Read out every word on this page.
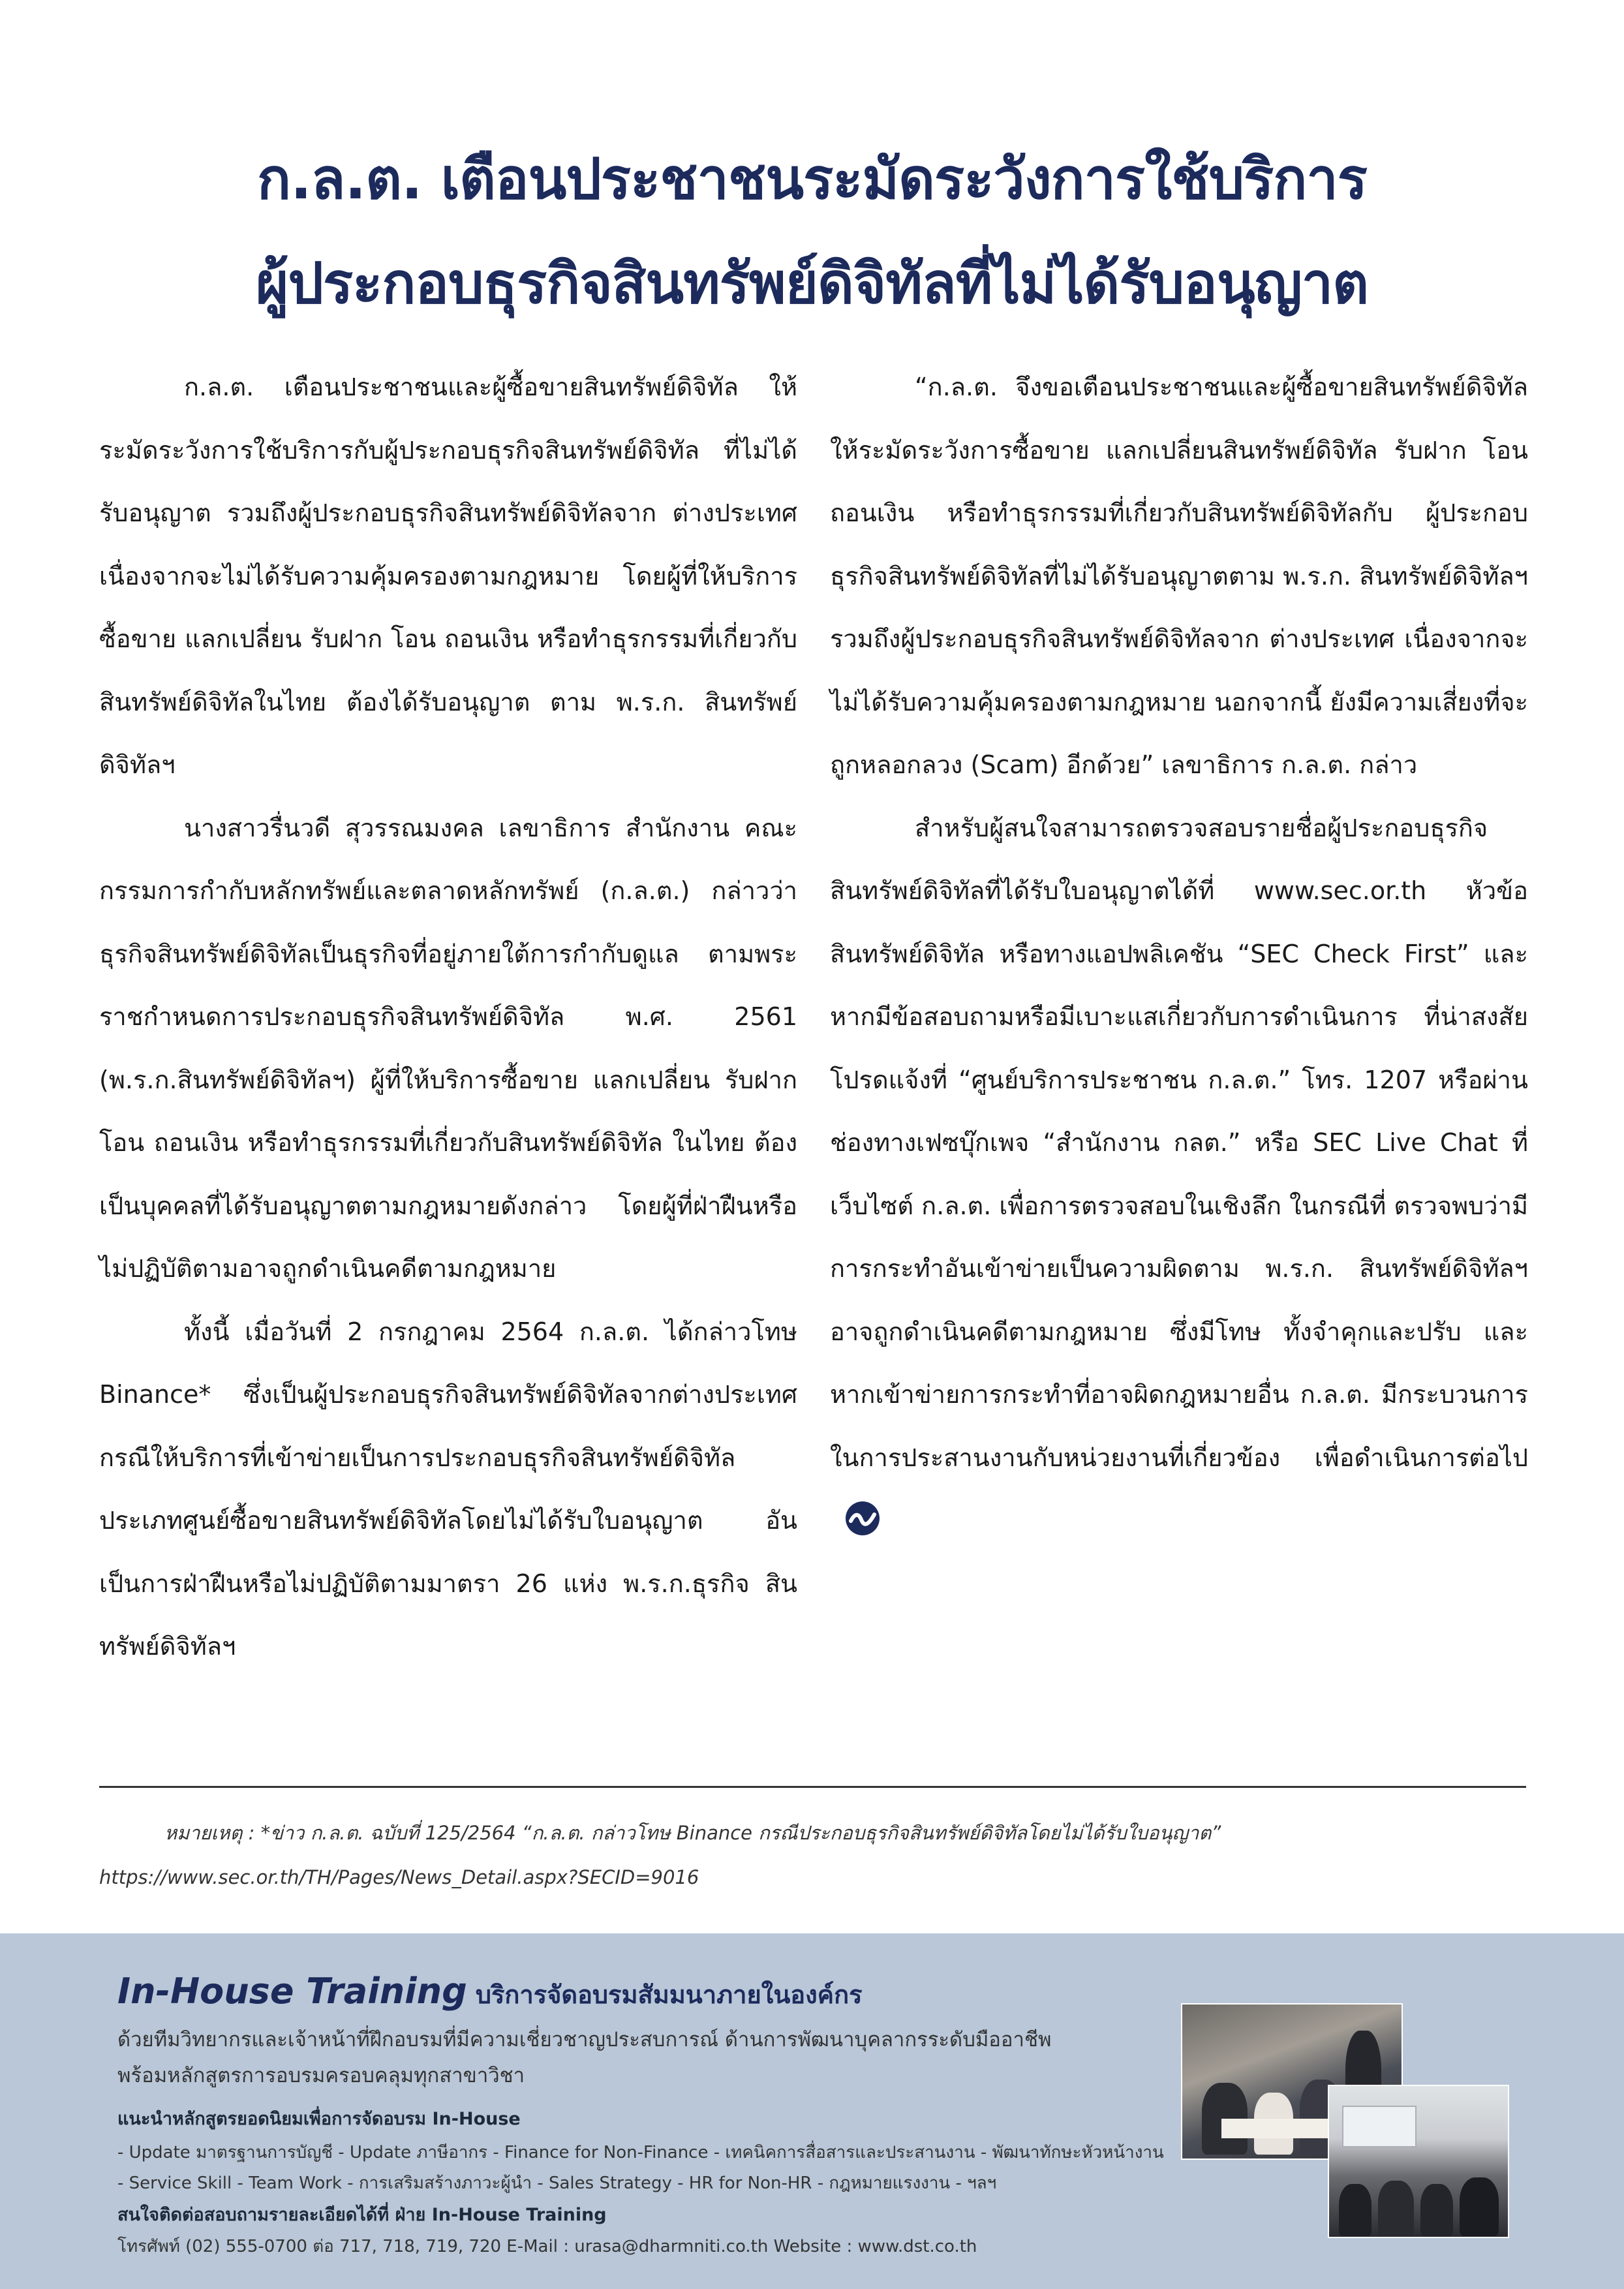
ก.ล.ต. เตือนประชาชนระมัดระวังการใช้บริการ
ผู้ประกอบธุรกิจสินทรัพย์ดิจิทัลที่ไม่ได้รับอนุญาต

ก.ล.ต. เตือนประชาชนและผู้ซื้อขายสินทรัพย์ดิจิทัล ให้ระมัดระวังการใช้บริการกับผู้ประกอบธุรกิจสินทรัพย์ดิจิทัล ที่ไม่ได้รับอนุญาต รวมถึงผู้ประกอบธุรกิจสินทรัพย์ดิจิทัลจาก ต่างประเทศ เนื่องจากจะไม่ได้รับความคุ้มครองตามกฎหมาย โดยผู้ที่ให้บริการซื้อขาย แลกเปลี่ยน รับฝาก โอน ถอนเงิน หรือทำธุรกรรมที่เกี่ยวกับสินทรัพย์ดิจิทัลในไทย ต้องได้รับอนุญาต ตาม พ.ร.ก. สินทรัพย์ดิจิทัลฯ

นางสาวรื่นวดี สุวรรณมงคล เลขาธิการ สำนักงาน คณะกรรมการกำกับหลักทรัพย์และตลาดหลักทรัพย์ (ก.ล.ต.) กล่าวว่า ธุรกิจสินทรัพย์ดิจิทัลเป็นธุรกิจที่อยู่ภายใต้การกำกับดูแล ตามพระราชกำหนดการประกอบธุรกิจสินทรัพย์ดิจิทัล พ.ศ. 2561 (พ.ร.ก.สินทรัพย์ดิจิทัลฯ) ผู้ที่ให้บริการซื้อขาย แลกเปลี่ยน รับฝาก โอน ถอนเงิน หรือทำธุรกรรมที่เกี่ยวกับสินทรัพย์ดิจิทัล ในไทย ต้องเป็นบุคคลที่ได้รับอนุญาตตามกฎหมายดังกล่าว โดยผู้ที่ฝ่าฝืนหรือไม่ปฏิบัติตามอาจถูกดำเนินคดีตามกฎหมาย

ทั้งนี้ เมื่อวันที่ 2 กรกฎาคม 2564 ก.ล.ต. ได้กล่าวโทษ Binance* ซึ่งเป็นผู้ประกอบธุรกิจสินทรัพย์ดิจิทัลจากต่างประเทศ กรณีให้บริการที่เข้าข่ายเป็นการประกอบธุรกิจสินทรัพย์ดิจิทัล ประเภทศูนย์ซื้อขายสินทรัพย์ดิจิทัลโดยไม่ได้รับใบอนุญาต อันเป็นการฝ่าฝืนหรือไม่ปฏิบัติตามมาตรา 26 แห่ง พ.ร.ก.ธุรกิจ สินทรัพย์ดิจิทัลฯ

“ก.ล.ต. จึงขอเตือนประชาชนและผู้ซื้อขายสินทรัพย์ดิจิทัล ให้ระมัดระวังการซื้อขาย แลกเปลี่ยนสินทรัพย์ดิจิทัล รับฝาก โอน ถอนเงิน หรือทำธุรกรรมที่เกี่ยวกับสินทรัพย์ดิจิทัลกับ ผู้ประกอบธุรกิจสินทรัพย์ดิจิทัลที่ไม่ได้รับอนุญาตตาม พ.ร.ก. สินทรัพย์ดิจิทัลฯ รวมถึงผู้ประกอบธุรกิจสินทรัพย์ดิจิทัลจาก ต่างประเทศ เนื่องจากจะไม่ได้รับความคุ้มครองตามกฎหมาย นอกจากนี้ ยังมีความเสี่ยงที่จะถูกหลอกลวง (Scam) อีกด้วย” เลขาธิการ ก.ล.ต. กล่าว

สำหรับผู้สนใจสามารถตรวจสอบรายชื่อผู้ประกอบธุรกิจ สินทรัพย์ดิจิทัลที่ได้รับใบอนุญาตได้ที่ www.sec.or.th หัวข้อ สินทรัพย์ดิจิทัล หรือทางแอปพลิเคชัน “SEC Check First” และหากมีข้อสอบถามหรือมีเบาะแสเกี่ยวกับการดำเนินการ ที่น่าสงสัย โปรดแจ้งที่ “ศูนย์บริการประชาชน ก.ล.ต.” โทร. 1207 หรือผ่านช่องทางเฟซบุ๊กเพจ “สำนักงาน กลต.” หรือ SEC Live Chat ที่เว็บไซต์ ก.ล.ต. เพื่อการตรวจสอบในเชิงลึก ในกรณีที่ ตรวจพบว่ามีการกระทำอันเข้าข่ายเป็นความผิดตาม พ.ร.ก. สินทรัพย์ดิจิทัลฯ อาจถูกดำเนินคดีตามกฎหมาย ซึ่งมีโทษ ทั้งจำคุกและปรับ และหากเข้าข่ายการกระทำที่อาจผิดกฎหมายอื่น ก.ล.ต. มีกระบวนการในการประสานงานกับหน่วยงานที่เกี่ยวข้อง เพื่อดำเนินการต่อไป

หมายเหตุ : *ข่าว ก.ล.ต. ฉบับที่ 125/2564 “ก.ล.ต. กล่าวโทษ Binance กรณีประกอบธุรกิจสินทรัพย์ดิจิทัลโดยไม่ได้รับใบอนุญาต” https://www.sec.or.th/TH/Pages/News_Detail.aspx?SECID=9016
In-House Training บริการจัดอบรมสัมมนาภายในองค์กร
ด้วยทีมวิทยากรและเจ้าหน้าที่ฝึกอบรมที่มีความเชี่ยวชาญประสบการณ์ ด้านการพัฒนาบุคลากรระดับมืออาชีพ
พร้อมหลักสูตรการอบรมครอบคลุมทุกสาขาวิชา
แนะนำหลักสูตรยอดนิยมเพื่อการจัดอบรม In-House
- Update มาตรฐานการบัญชี - Update ภาษีอากร - Finance for Non-Finance - เทคนิคการสื่อสารและประสานงาน - พัฒนาทักษะหัวหน้างาน
- Service Skill - Team Work - การเสริมสร้างภาวะผู้นำ - Sales Strategy - HR for Non-HR - กฎหมายแรงงาน - ฯลฯ
สนใจติดต่อสอบถามรายละเอียดได้ที่ ฝ่าย In-House Training
โทรศัพท์ (02) 555-0700 ต่อ 717, 718, 719, 720 E-Mail : urasa@dharmniti.co.th Website : www.dst.co.th
